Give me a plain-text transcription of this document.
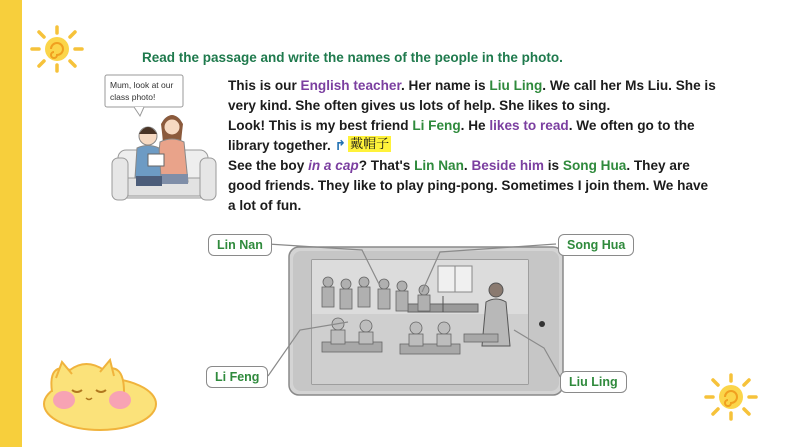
Read the passage and write the names of the people in the photo.
Mum, look at our
class photo!
This is our English teacher. Her name is Liu Ling. We call her Ms Liu. She is
very kind. She often gives us lots of help. She likes to sing.
Look! This is my best friend Li Feng. He likes to read. We often go to the
library together. ↱ 戴帽子
See the boy in a cap? That's Lin Nan. Beside him is Song Hua. They are
good friends. They like to play ping-pong. Sometimes I join them. We have
a lot of fun.
Lin Nan	Song Hua
Li Feng	Liu Ling
